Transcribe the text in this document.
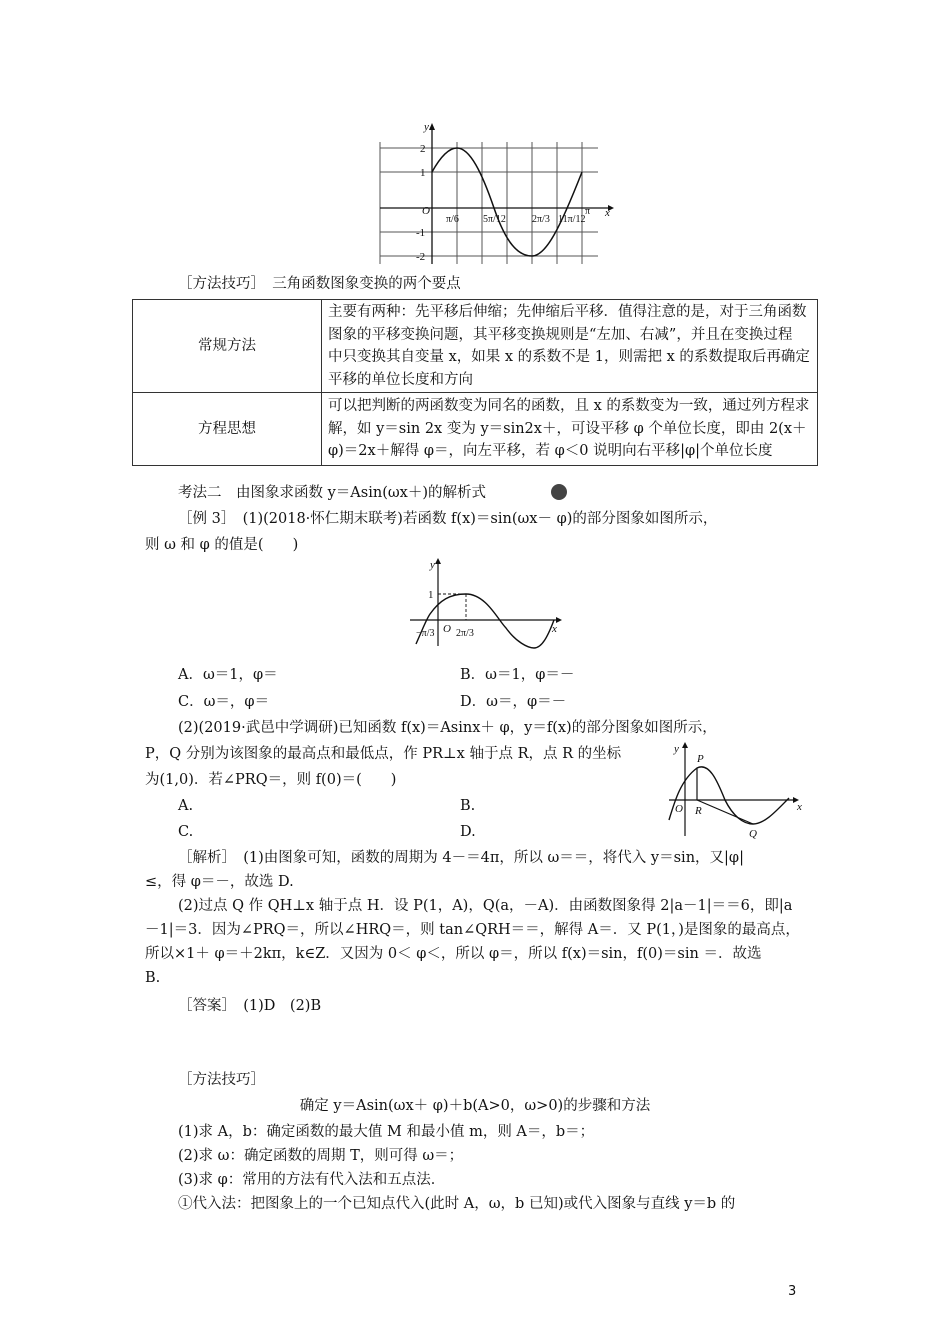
y
x
2
1
O
-1
-2
π/6 5π/12	2π/3 11π/12
π
［方法技巧］　三角函数图象变换的两个要点
常规方法	主要有两种：先平移后伸缩；先伸缩后平移．值得注意的是，对于三角函数
图象的平移变换问题，其平移变换规则是“左加、右减”，并且在变换过程
中只变换其自变量 x，如果 x 的系数不是 1，则需把 x 的系数提取后再确定
平移的单位长度和方向

方程思想	可以把判断的两函数变为同名的函数，且 x 的系数变为一致，通过列方程求
解，如 y＝sin 2x 变为 y＝sin2x＋，可设平移 φ 个单位长度，即由 2(x＋
φ)＝2x＋解得 φ＝，向左平移，若 φ＜0 说明向右平移|φ|个单位长度
考法二　由图象求函数 y＝Asin(ωx＋)的解析式
［例 3］　(1)(2018·怀仁期末联考)若函数 f(x)＝sin(ωx－ φ)的部分图象如图所示，
则 ω 和 φ 的值是(　　)
y
x
1
O
−π/3 2π/3
A．ω＝1，φ＝	B．ω＝1，φ＝－
C．ω＝，φ＝	D．ω＝，φ＝－
(2)(2019·武邑中学调研)已知函数 f(x)＝Asinx＋ φ，y＝f(x)的部分图象如图所示，
P，Q 分别为该图象的最高点和最低点，作 PR⊥x 轴于点 R，点 R 的坐标
为(1,0)．若∠PRQ＝，则 f(0)＝(　　)
y
x
P
R
O
Q
A.	B.
C.	D.
［解析］　(1)由图象可知，函数的周期为 4－＝4π，所以 ω＝＝，将代入 y＝sin，又|φ|
≤，得 φ＝－，故选 D.
(2)过点 Q 作 QH⊥x 轴于点 H．设 P(1，A)，Q(a，－A)．由函数图象得 2|a－1|＝＝6，即|a
－1|＝3．因为∠PRQ＝，所以∠HRQ＝，则 tan∠QRH＝＝，解得 A＝．又 P(1，)是图象的最高点，
所以×1＋ φ＝＋2kπ，k∈Z．又因为 0＜ φ＜，所以 φ＝，所以 f(x)＝sin，f(0)＝sin ＝．故选
B.
［答案］　(1)D　(2)B
［方法技巧］
确定 y＝Asin(ωx＋ φ)＋b(A>0，ω>0)的步骤和方法
(1)求 A，b：确定函数的最大值 M 和最小值 m，则 A＝，b＝；
(2)求 ω：确定函数的周期 T，则可得 ω＝；
(3)求 φ：常用的方法有代入法和五点法．
①代入法：把图象上的一个已知点代入(此时 A，ω，b 已知)或代入图象与直线 y＝b 的
3
